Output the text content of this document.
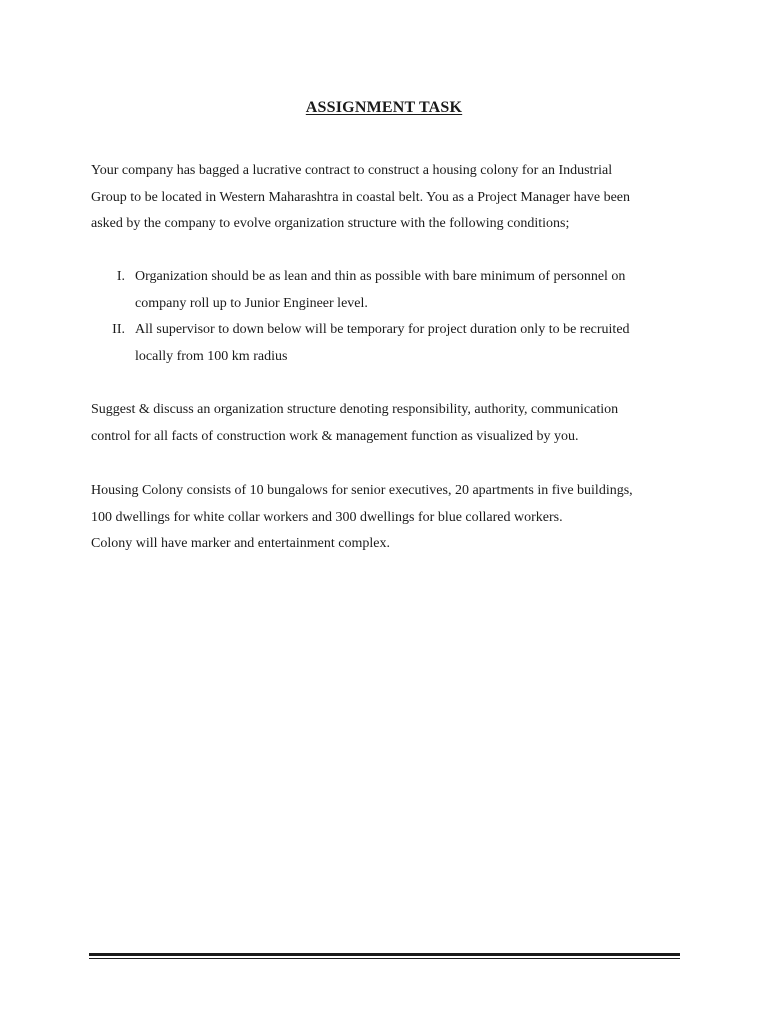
ASSIGNMENT TASK
Your company has bagged a lucrative contract to construct a housing colony for an Industrial
Group to be located in Western Maharashtra in coastal belt. You as a Project Manager have been
asked by the company to evolve organization structure with the following conditions;
I. Organization should be as lean and thin as possible with bare minimum of personnel on
company roll up to Junior Engineer level.
II. All supervisor to down below will be temporary for project duration only to be recruited
locally from 100 km radius
Suggest & discuss an organization structure denoting responsibility, authority, communication
control for all facts of construction work & management function as visualized by you.
Housing Colony consists of 10 bungalows for senior executives, 20 apartments in five buildings,
100 dwellings for white collar workers and 300 dwellings for blue collared workers.
Colony will have marker and entertainment complex.
